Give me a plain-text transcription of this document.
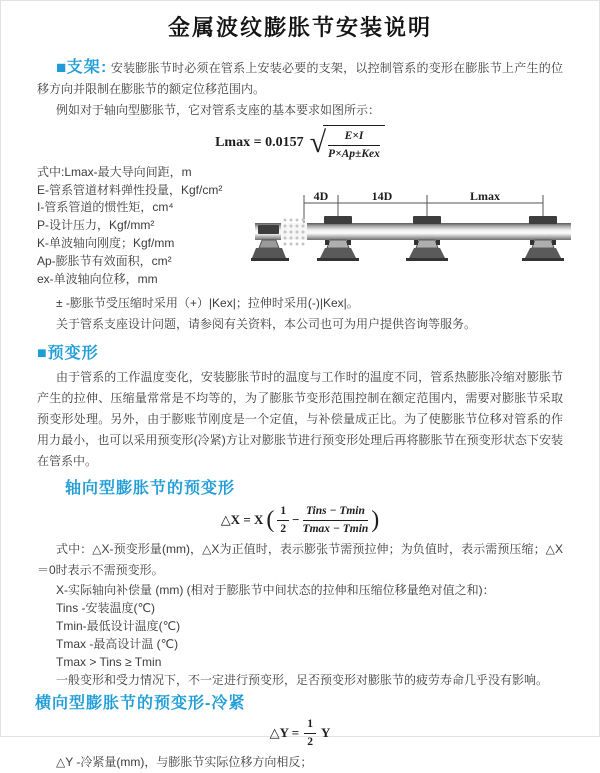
金属波纹膨胀节安装说明

■支架: 安装膨胀节时必须在管系上安装必要的支架，以控制管系的变形在膨胀节上产生的位移方向并限制在膨胀节的额定位移范围内。

例如对于轴向型膨胀节，它对管系支座的基本要求如图所示：

Lmax = 0.0157 √ $\frac{E\times I}{\text{P×Ap±Kex}}$
式中:Lmax-最大导向间距，m
E-管系管道材料弹性投量，Kgf/cm²
I-管系管道的惯性矩，cm⁴
P-设计压力，Kgf/mm²
K-单波轴向刚度；Kgf/mm
Ap-膨胀节有效面积，cm²
ex-单波轴向位移，mm
4D	14D	Lmax

± -膨胀节受压缩时采用（+）|Kex|；拉伸时采用(-)|Kex|。

关于管系支座设计问题，请参阅有关资料，本公司也可为用户提供咨询等服务。

■预变形

由于管系的工作温度变化，安装膨胀节时的温度与工作时的温度不同，管系热膨胀冷缩对膨胀节产生的拉伸、压缩量常常是不均等的，为了膨胀节变形范围控制在额定范围内，需要对膨胀节采取预变形处理。另外，由于膨账节刚度是一个定值，与补偿量成正比。为了使膨胀节位移对管系的作用力最小，也可以采用预变形(冷紧)方让对膨胀节进行预变形处理后再将膨胀节在预变形状态下安装在管系中。

轴向型膨胀节的预变形
△X = X ( $\frac{1}{2} - \frac{\text{Tins − Tmin}}{Tmax - Tmin}$ )

式中：△X-预变形量(mm)，△X为正值时，表示膨张节需预拉伸；为负值时，表示需预压缩；△X＝0时表示不需预变形。

X-实际轴向补偿量 (mm) (相对于膨胀节中间状态的拉伸和压缩位移量绝对值之和)：
Tins -安装温度(℃)
Tmin-最低设计温度(℃)
Tmax -最高设计温 (℃)
Tmax > Tins ≥ Tmin
一般变形和受力情况下，不一定进行预变形，足否预变形对膨胀节的疲劳寿命几乎没有影响。
横向型膨胀节的预变形-冷紧
△Y = $\frac{1}{2}$ Y

△Y -冷紧量(mm)，与膨胀节实际位移方向相反；
